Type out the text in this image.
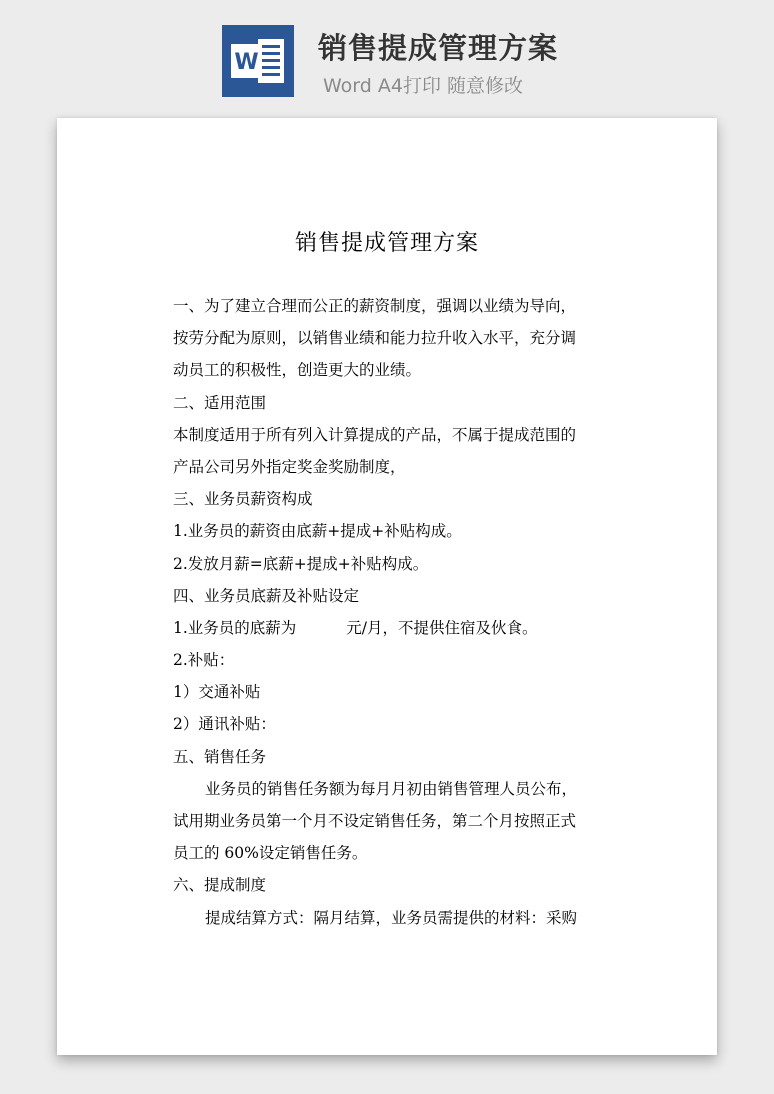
W 销售提成管理方案
Word A4打印 随意修改
销售提成管理方案
一、为了建立合理而公正的薪资制度，强调以业绩为导向，
按劳分配为原则，以销售业绩和能力拉升收入水平，充分调
动员工的积极性，创造更大的业绩。
二、适用范围
本制度适用于所有列入计算提成的产品，不属于提成范围的
产品公司另外指定奖金奖励制度，
三、业务员薪资构成
1.业务员的薪资由底薪+提成+补贴构成。
2.发放月薪=底薪+提成+补贴构成。
四、业务员底薪及补贴设定
1.业务员的底薪为	元/月，不提供住宿及伙食。
2.补贴：
1）交通补贴
2）通讯补贴：
五、销售任务
业务员的销售任务额为每月月初由销售管理人员公布，
试用期业务员第一个月不设定销售任务，第二个月按照正式
员工的 60%设定销售任务。
六、提成制度
提成结算方式：隔月结算，业务员需提供的材料：采购
